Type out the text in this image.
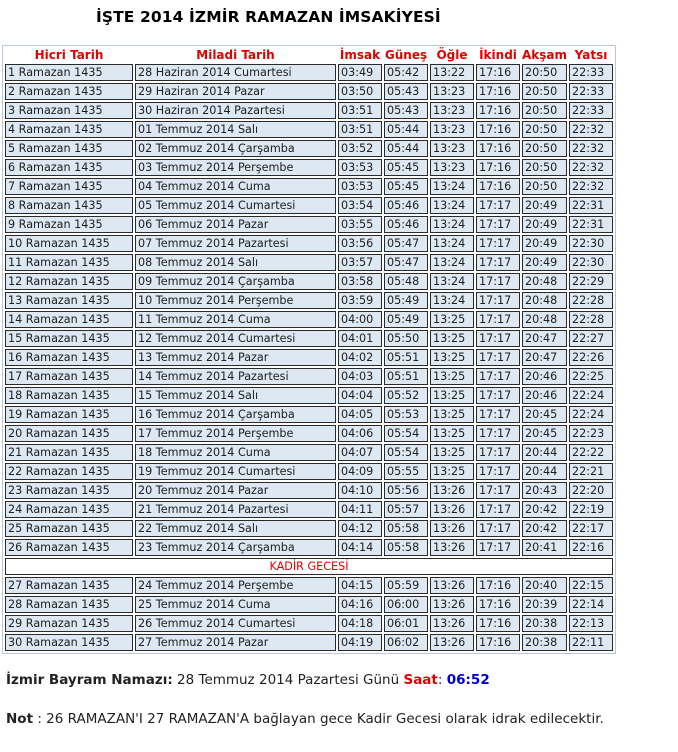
İŞTE 2014 İZMİR RAMAZAN İMSAKİYESİ
Hicri Tarih	Miladi Tarih	İmsak	Güneş	Öğle	İkindi	Akşam	Yatsı
1 Ramazan 1435	28 Haziran 2014 Cumartesi	03:49	05:42	13:22	17:16	20:50	22:33
2 Ramazan 1435	29 Haziran 2014 Pazar	03:50	05:43	13:23	17:16	20:50	22:33
3 Ramazan 1435	30 Haziran 2014 Pazartesi	03:51	05:43	13:23	17:16	20:50	22:33
4 Ramazan 1435	01 Temmuz 2014 Salı	03:51	05:44	13:23	17:16	20:50	22:32
5 Ramazan 1435	02 Temmuz 2014 Çarşamba	03:52	05:44	13:23	17:16	20:50	22:32
6 Ramazan 1435	03 Temmuz 2014 Perşembe	03:53	05:45	13:23	17:16	20:50	22:32
7 Ramazan 1435	04 Temmuz 2014 Cuma	03:53	05:45	13:24	17:16	20:50	22:32
8 Ramazan 1435	05 Temmuz 2014 Cumartesi	03:54	05:46	13:24	17:17	20:49	22:31
9 Ramazan 1435	06 Temmuz 2014 Pazar	03:55	05:46	13:24	17:17	20:49	22:31
10 Ramazan 1435	07 Temmuz 2014 Pazartesi	03:56	05:47	13:24	17:17	20:49	22:30
11 Ramazan 1435	08 Temmuz 2014 Salı	03:57	05:47	13:24	17:17	20:49	22:30
12 Ramazan 1435	09 Temmuz 2014 Çarşamba	03:58	05:48	13:24	17:17	20:48	22:29
13 Ramazan 1435	10 Temmuz 2014 Perşembe	03:59	05:49	13:24	17:17	20:48	22:28
14 Ramazan 1435	11 Temmuz 2014 Cuma	04:00	05:49	13:25	17:17	20:48	22:28
15 Ramazan 1435	12 Temmuz 2014 Cumartesi	04:01	05:50	13:25	17:17	20:47	22:27
16 Ramazan 1435	13 Temmuz 2014 Pazar	04:02	05:51	13:25	17:17	20:47	22:26
17 Ramazan 1435	14 Temmuz 2014 Pazartesi	04:03	05:51	13:25	17:17	20:46	22:25
18 Ramazan 1435	15 Temmuz 2014 Salı	04:04	05:52	13:25	17:17	20:46	22:24
19 Ramazan 1435	16 Temmuz 2014 Çarşamba	04:05	05:53	13:25	17:17	20:45	22:24
20 Ramazan 1435	17 Temmuz 2014 Perşembe	04:06	05:54	13:25	17:17	20:45	22:23
21 Ramazan 1435	18 Temmuz 2014 Cuma	04:07	05:54	13:25	17:17	20:44	22:22
22 Ramazan 1435	19 Temmuz 2014 Cumartesi	04:09	05:55	13:25	17:17	20:44	22:21
23 Ramazan 1435	20 Temmuz 2014 Pazar	04:10	05:56	13:26	17:17	20:43	22:20
24 Ramazan 1435	21 Temmuz 2014 Pazartesi	04:11	05:57	13:26	17:17	20:42	22:19
25 Ramazan 1435	22 Temmuz 2014 Salı	04:12	05:58	13:26	17:17	20:42	22:17
26 Ramazan 1435	23 Temmuz 2014 Çarşamba	04:14	05:58	13:26	17:17	20:41	22:16
KADİR GECESİ							
27 Ramazan 1435	24 Temmuz 2014 Perşembe	04:15	05:59	13:26	17:16	20:40	22:15
28 Ramazan 1435	25 Temmuz 2014 Cuma	04:16	06:00	13:26	17:16	20:39	22:14
29 Ramazan 1435	26 Temmuz 2014 Cumartesi	04:18	06:01	13:26	17:16	20:38	22:13
30 Ramazan 1435	27 Temmuz 2014 Pazar	04:19	06:02	13:26	17:16	20:38	22:11
İzmir Bayram Namazı: 28 Temmuz 2014 Pazartesi Günü Saat: 06:52
Not : 26 RAMAZAN'I 27 RAMAZAN'A bağlayan gece Kadir Gecesi olarak idrak edilecektir.
